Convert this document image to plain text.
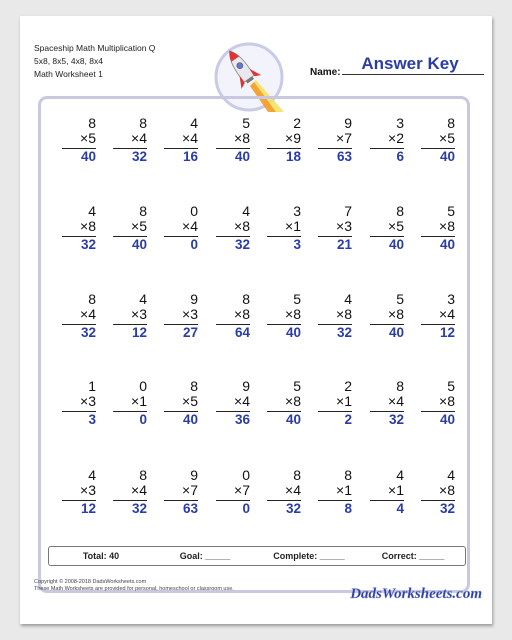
Spaceship Math Multiplication Q
5x8, 8x5, 4x8, 8x4
Math Worksheet 1
Answer Key
Name:
8
×5
40
8
×4
32
4
×4
16
5
×8
40
2
×9
18
9
×7
63
3
×2
6
8
×5
40
4
×8
32
8
×5
40
0
×4
0
4
×8
32
3
×1
3
7
×3
21
8
×5
40
5
×8
40
8
×4
32
4
×3
12
9
×3
27
8
×8
64
5
×8
40
4
×8
32
5
×8
40
3
×4
12
1
×3
3
0
×1
0
8
×5
40
9
×4
36
5
×8
40
2
×1
2
8
×4
32
5
×8
40
4
×3
12
8
×4
32
9
×7
63
0
×7
0
8
×4
32
8
×1
8
4
×1
4
4
×8
32
Total: 40	Goal: _____	Complete: _____	Correct: _____
Copyright © 2008-2018 DadsWorksheets.com
These Math Worksheets are provided for personal, homeschool or classroom use.	DadsWorksheets.com
